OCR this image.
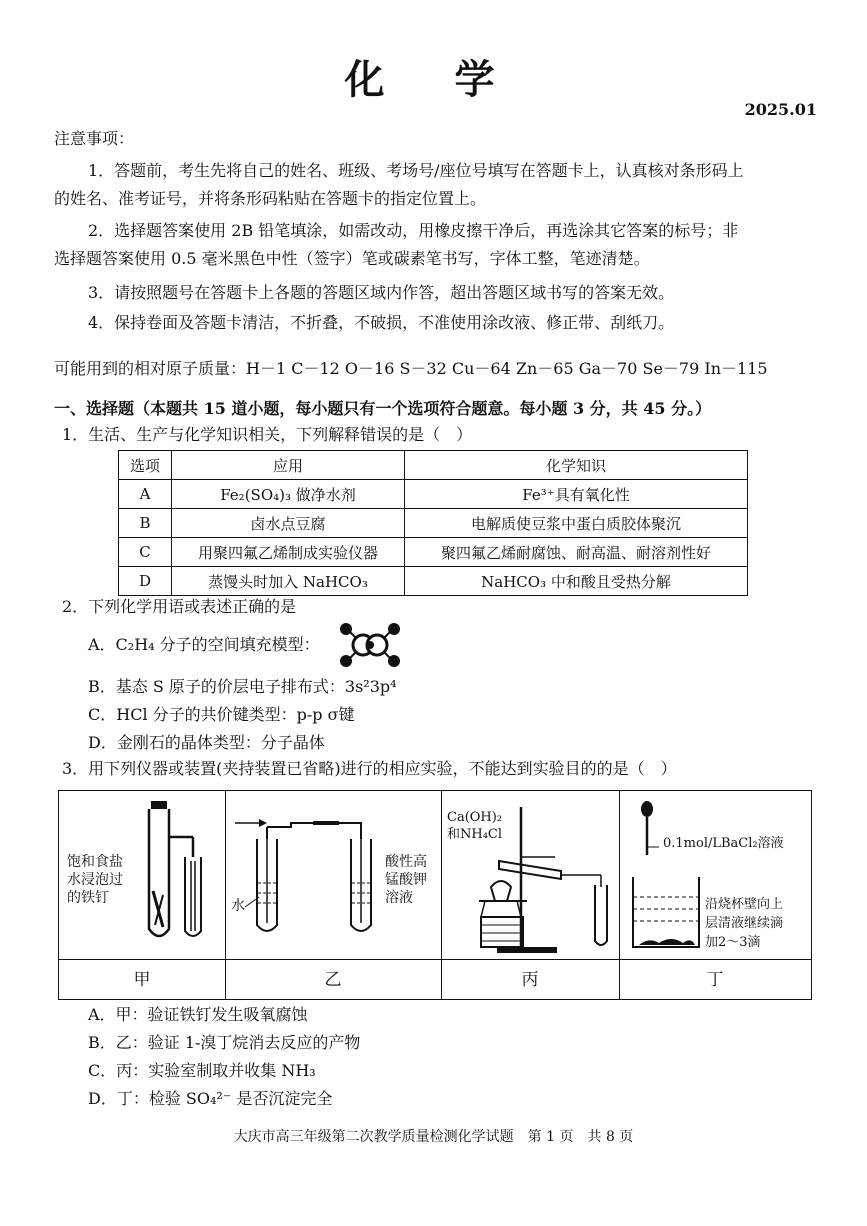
化 学
2025.01
注意事项：
1．答题前，考生先将自己的姓名、班级、考场号/座位号填写在答题卡上，认真核对条形码上
的姓名、准考证号，并将条形码粘贴在答题卡的指定位置上。
2．选择题答案使用 2B 铅笔填涂，如需改动，用橡皮擦干净后，再选涂其它答案的标号；非
选择题答案使用 0.5 毫米黑色中性（签字）笔或碳素笔书写，字体工整，笔迹清楚。
3．请按照题号在答题卡上各题的答题区域内作答，超出答题区域书写的答案无效。
4．保持卷面及答题卡清洁，不折叠，不破损，不准使用涂改液、修正带、刮纸刀。
可能用到的相对原子质量：H－1 C－12 O－16 S－32 Cu－64 Zn－65 Ga－70 Se－79 In－115
一、选择题（本题共 15 道小题，每小题只有一个选项符合题意。每小题 3 分，共 45 分。）
1．生活、生产与化学知识相关，下列解释错误的是（　）
选项	应用	化学知识
A	Fe₂(SO₄)₃ 做净水剂	Fe³⁺具有氧化性
B	卤水点豆腐	电解质使豆浆中蛋白质胶体聚沉
C	用聚四氟乙烯制成实验仪器	聚四氟乙烯耐腐蚀、耐高温、耐溶剂性好
D	蒸馒头时加入 NaHCO₃	NaHCO₃ 中和酸且受热分解
2．下列化学用语或表述正确的是
A．C₂H₄ 分子的空间填充模型：
B．基态 S 原子的价层电子排布式：3s²3p⁴
C．HCl 分子的共价键类型：p-p σ键
D．金刚石的晶体类型：分子晶体
3．用下列仪器或装置(夹持装置已省略)进行的相应实验，不能达到实验目的的是（　）
饱和食盐
水浸泡过
的铁钉	水
酸性高
锰酸钾
溶液
Ca(OH)₂
和NH₄Cl
0.1mol/LBaCl₂溶液
沿烧杯壁向上
层清液继续滴
加2～3滴
甲	乙	丙	丁
A．甲：验证铁钉发生吸氧腐蚀
B．乙：验证 1-溴丁烷消去反应的产物
C．丙：实验室制取并收集 NH₃
D．丁：检验 SO₄²⁻ 是否沉淀完全
大庆市高三年级第二次教学质量检测化学试题　第 1 页　共 8 页
